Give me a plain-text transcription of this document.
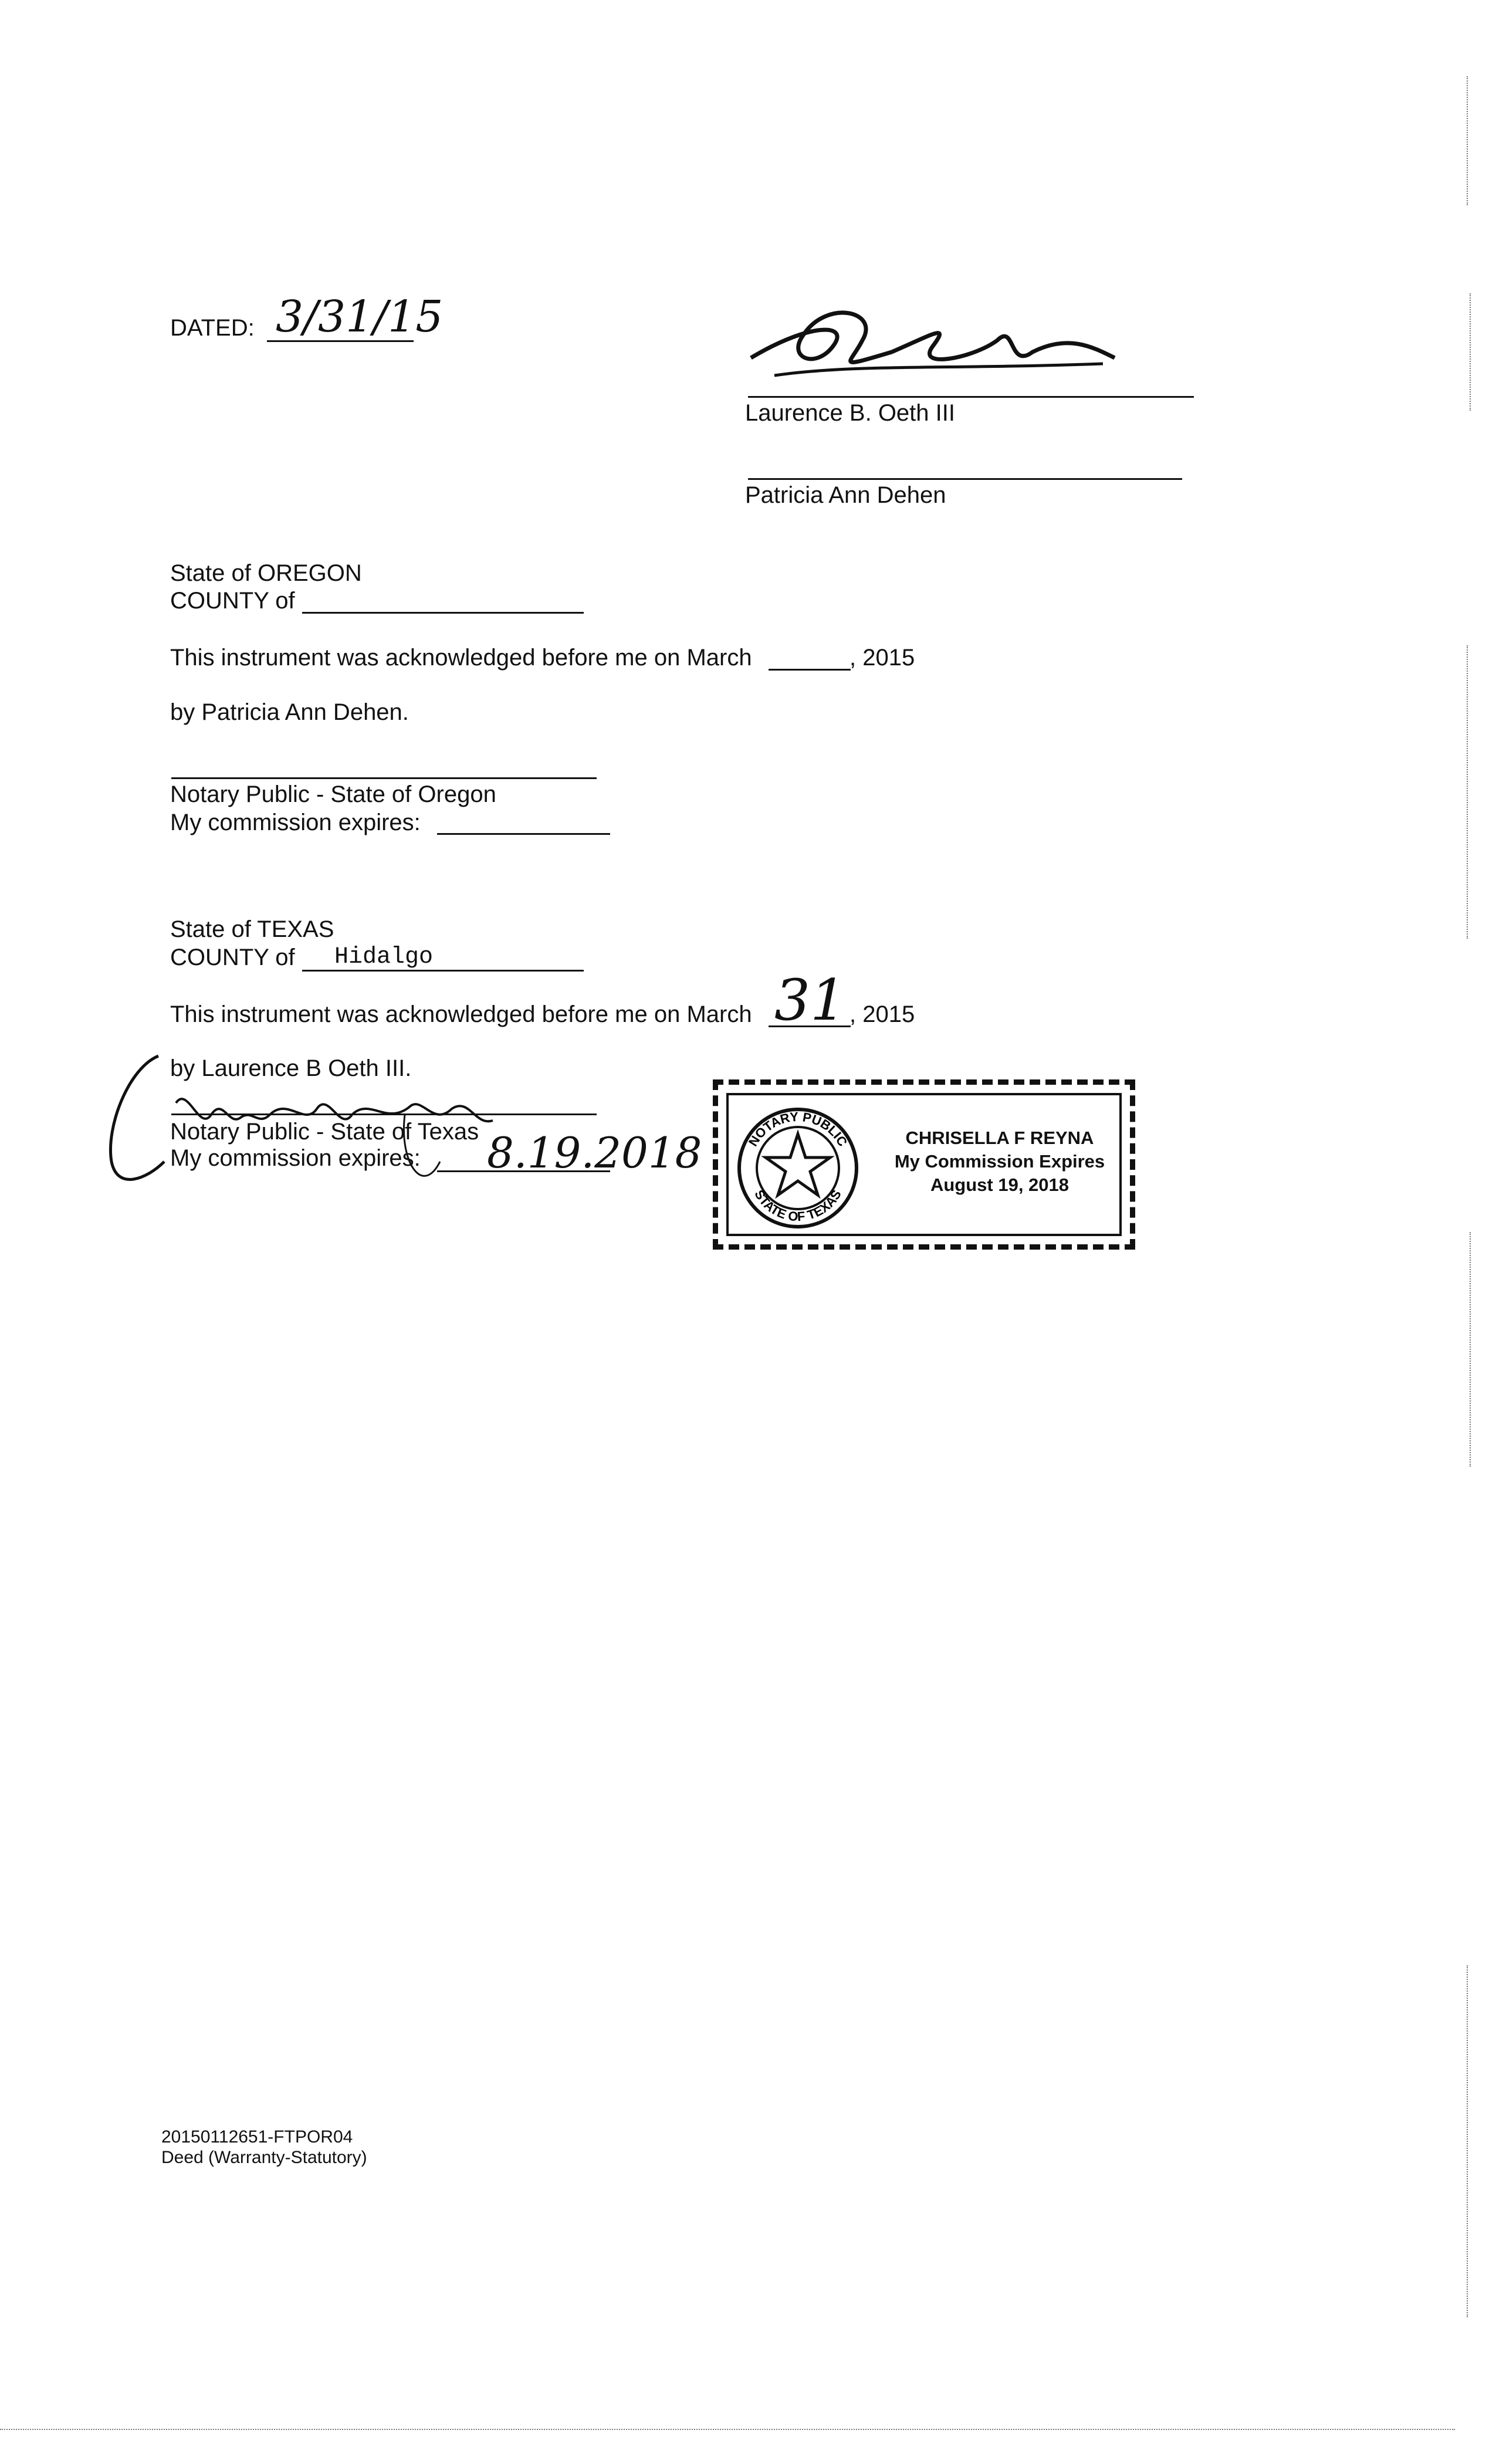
DATED: 3/31/15
Laurence B. Oeth III
Patricia Ann Dehen
State of OREGON
COUNTY of
This instrument was acknowledged before me on March	, 2015
by Patricia Ann Dehen.
Notary Public - State of Oregon
My commission expires:
State of TEXAS
COUNTY of Hidalgo
This instrument was acknowledged before me on March 31 , 2015
by Laurence B Oeth III.
Notary Public - State of Texas
My commission expires: 8.19.2018	NOTARY PUBLIC
STATE OF TEXAS
CHRISELLA F REYNA
My Commission Expires
August 19, 2018
20150112651-FTPOR04
Deed (Warranty-Statutory)
